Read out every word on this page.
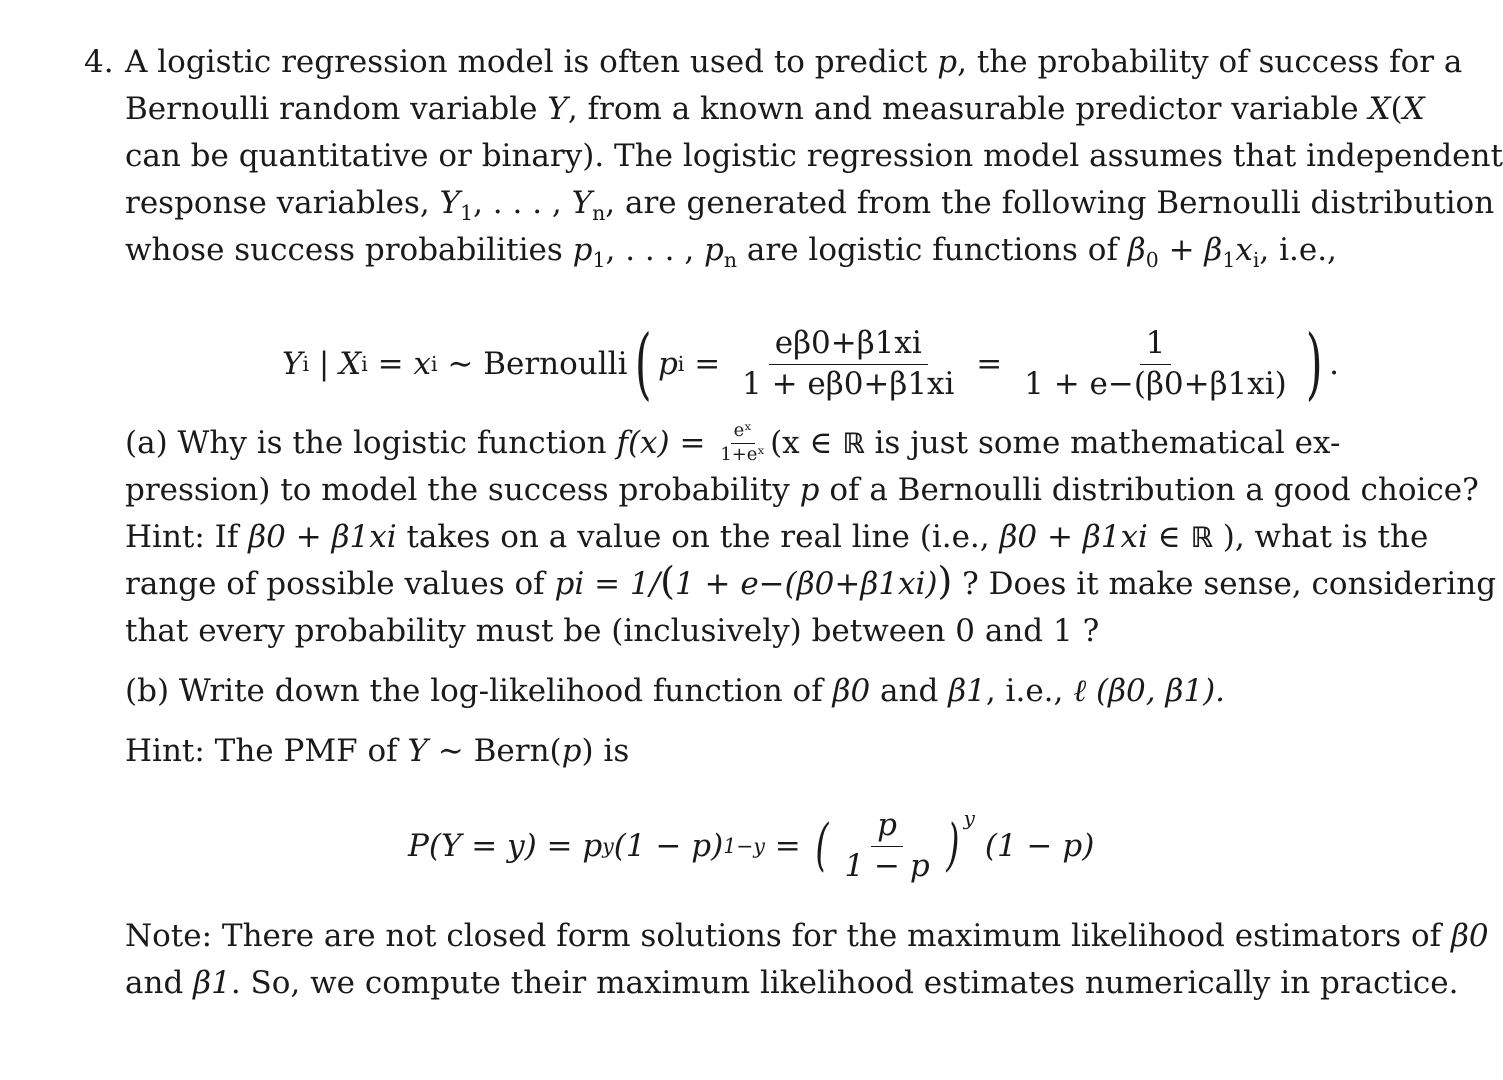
4. A logistic regression model is often used to predict p, the probability of success for a
Bernoulli random variable Y, from a known and measurable predictor variable X(X
can be quantitative or binary). The logistic regression model assumes that independent
response variables, $Y_1$, . . . , $Y_n$, are generated from the following Bernoulli distribution
whose success probabilities $p_1$, . . . , $p_n$ are logistic functions of $\beta_0 + \beta_1x_i$, i.e.,
Y i | X i = x i ∼ Bernoulli ( p $i = \frac{e\beta 0+\beta 1xi}{1 + e\beta 0+\beta 1xi} = \frac{1}{1 + e-(\beta 0+\beta 1xi)}$ ) .
(a) Why is the logistic function $f(x) = \frac{\text{eˣ}}{\text{1+eˣ}} (x$ ∈ ℝ is just some mathematical ex-
pression) to model the success probability p of a Bernoulli distribution a good choice?
Hint: If β0 + β1xi takes on a value on the real line (i.e., β0 + β1xi ∈ ℝ ), what is the
range of possible values of pi = 1/(1 + e−(β0+β1xi)) ? Does it make sense, considering
that every probability must be (inclusively) between 0 and 1 ?
(b) Write down the log-likelihood function of β0 and β1, i.e., ℓ (β0, β1).
Hint: The PMF of Y ∼ Bern(p) is
P(Y = y) = p y (1 − p) 1−y = ( $\frac{p}{1 - p}$ ) y
(1 − p)
Note: There are not closed form solutions for the maximum likelihood estimators of β0
and β1. So, we compute their maximum likelihood estimates numerically in practice.
